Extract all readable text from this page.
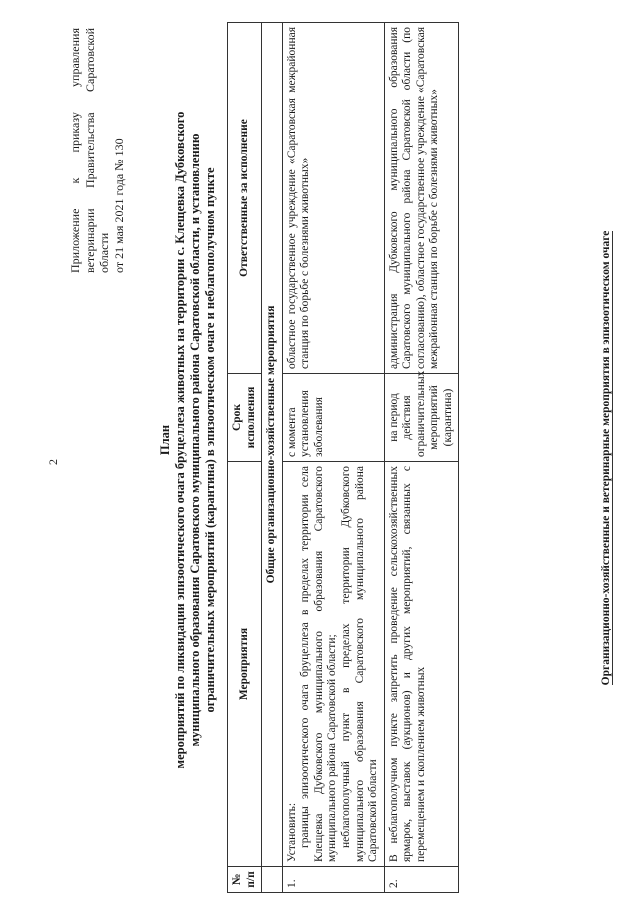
2
Приложение
к
приказу
управления
ветеринарии
Правительства
Саратовской
области от 21 мая 2021 года № 130
План мероприятий по ликвидации эпизоотического очага бруцеллеза животных на территории с. Клещевка Дубковского муниципального образования Саратовского муниципального района Саратовской области, и установлению ограничительных мероприятий (карантина) в эпизоотическом очаге и неблагополучном пункте
№ п/п	Мероприятия	Срок исполнения	Ответственные за исполнение
	Общие организационно-хозяйственные мероприятия		
1.	Установить: границы эпизоотического очага бруцеллеза в пределах территории села Клещевка Дубковского муниципального образования Саратовского муниципального района Саратовской области; неблагополучный пункт в пределах территории Дубковского муниципального образования Саратовского муниципального района Саратовской области	с момента установления заболевания	областное государственное учреждение «Саратовская межрайонная станция по борьбе с болезнями животных»
2.	В неблагополучном пункте запретить проведение сельскохозяйственных ярмарок, выставок (аукционов) и других мероприятий, связанных с перемещением и скоплением животных	на период действия ограничительных мероприятий (карантина)	администрация Дубковского муниципального образования Саратовского муниципального района Саратовской области (по согласованию), областное государственное учреждение «Саратовская межрайонная станция по борьбе с болезнями животных»
Организационно-хозяйственные и ветеринарные мероприятия в эпизоотическом очаге
